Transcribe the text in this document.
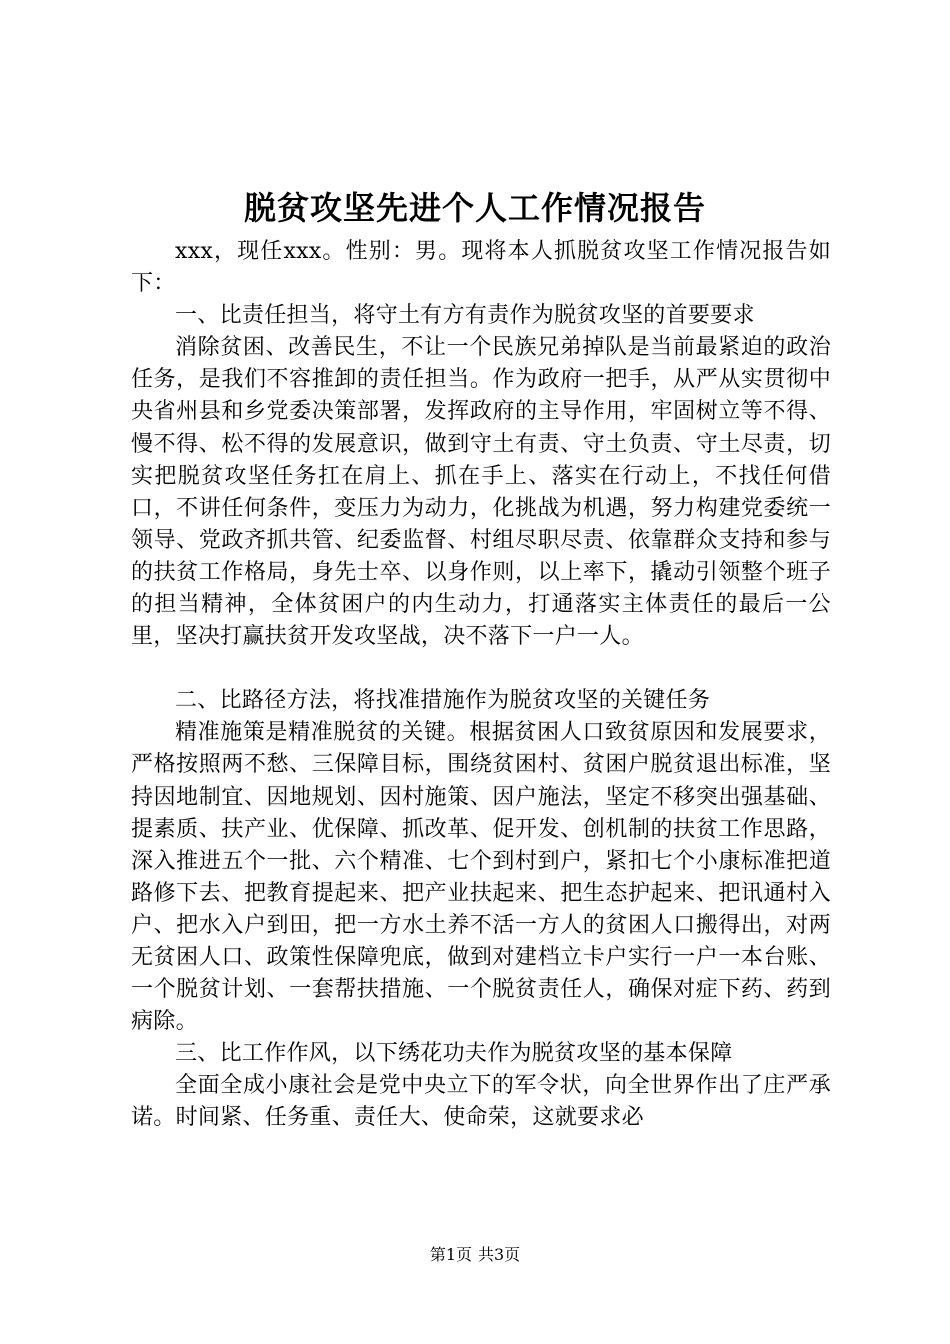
脱贫攻坚先进个人工作情况报告

xxx，现任xxx。性别：男。现将本人抓脱贫攻坚工作情况报告如下：

一、比责任担当，将守土有方有责作为脱贫攻坚的首要要求

消除贫困、改善民生，不让一个民族兄弟掉队是当前最紧迫的政治任务，是我们不容推卸的责任担当。作为政府一把手，从严从实贯彻中央省州县和乡党委决策部署，发挥政府的主导作用，牢固树立等不得、慢不得、松不得的发展意识，做到守土有责、守土负责、守土尽责，切实把脱贫攻坚任务扛在肩上、抓在手上、落实在行动上，不找任何借口，不讲任何条件，变压力为动力，化挑战为机遇，努力构建党委统一领导、党政齐抓共管、纪委监督、村组尽职尽责、依靠群众支持和参与的扶贫工作格局，身先士卒、以身作则，以上率下，撬动引领整个班子的担当精神，全体贫困户的内生动力，打通落实主体责任的最后一公里，坚决打赢扶贫开发攻坚战，决不落下一户一人。

二、比路径方法，将找准措施作为脱贫攻坚的关键任务

精准施策是精准脱贫的关键。根据贫困人口致贫原因和发展要求，严格按照两不愁、三保障目标，围绕贫困村、贫困户脱贫退出标准，坚持因地制宜、因地规划、因村施策、因户施法，坚定不移突出强基础、提素质、扶产业、优保障、抓改革、促开发、创机制的扶贫工作思路，深入推进五个一批、六个精准、七个到村到户，紧扣七个小康标准把道路修下去、把教育提起来、把产业扶起来、把生态护起来、把讯通村入户、把水入户到田，把一方水土养不活一方人的贫困人口搬得出，对两无贫困人口、政策性保障兜底，做到对建档立卡户实行一户一本台账、一个脱贫计划、一套帮扶措施、一个脱贫责任人，确保对症下药、药到病除。

三、比工作作风，以下绣花功夫作为脱贫攻坚的基本保障

全面全成小康社会是党中央立下的军令状，向全世界作出了庄严承诺。时间紧、任务重、责任大、使命荣，这就要求必

第1页 共3页
